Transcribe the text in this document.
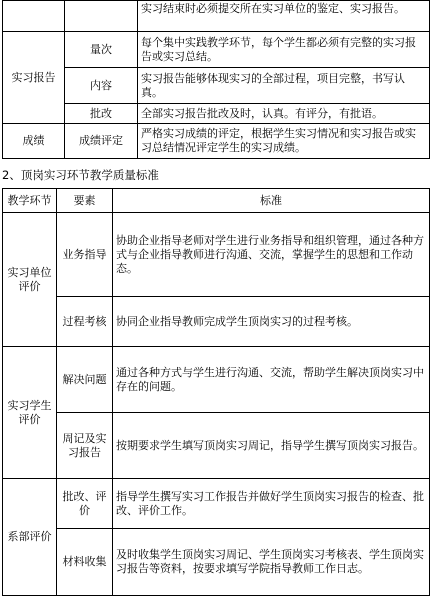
		实习结束时必须提交所在实习单位的鉴定、实习报告。
实习报告	量次	每个集中实践教学环节，每个学生都必须有完整的实习报告或实习总结。
	内容	实习报告能够体现实习的全部过程，项目完整，书写认真。
	批改	全部实习报告批改及时，认真。有评分，有批语。
成绩	成绩评定	严格实习成绩的评定，根据学生实习情况和实习报告或实习总结情况评定学生的实习成绩。
2、顶岗实习环节教学质量标准
教学环节	要素	标准
实习单位评价	业务指导	协助企业指导老师对学生进行业务指导和组织管理，通过各种方式与企业指导教师进行沟通、交流，掌握学生的思想和工作动态。
	过程考核	协同企业指导教师完成学生顶岗实习的过程考核。
实习学生评价	解决问题	通过各种方式与学生进行沟通、交流，帮助学生解决顶岗实习中存在的问题。
	周记及实习报告	按期要求学生填写顶岗实习周记，指导学生撰写顶岗实习报告。
系部评价	批改、评价	指导学生撰写实习工作报告并做好学生顶岗实习报告的检查、批改、评价工作。
	材料收集	及时收集学生顶岗实习周记、学生顶岗实习考核表、学生顶岗实习报告等资料，按要求填写学院指导教师工作日志。
